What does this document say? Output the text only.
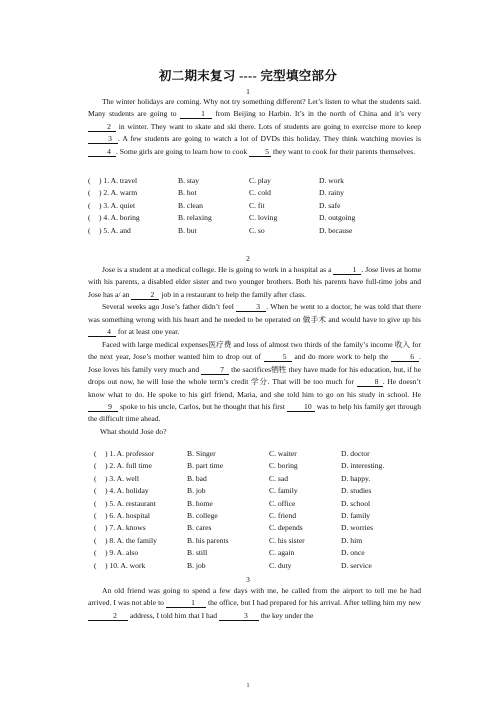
初二期末复习 ---- 完型填空部分
1

The winter holidays are coming. Why not try something different? Let’s listen to what the students said. Many students are going to	1 from Beijing to Harbin. It’s in the north of China and it’s very 2 in winter. They want to skate and ski there. Lots of students are going to exercise more to keep 3 . A few students are going to watch a lot of DVDs this holiday. They think watching movies is 4 . Some girls are going to learn how to cook 5 they want to cook for their parents themselves.

( ) 1. A. travel	B. stay	C. play	D. work
( ) 2. A. warm	B. hot	C. cold	D. rainy
( ) 3. A. quiet	B. clean	C. fit	D. safe
( ) 4. A. boring	B. relaxing	C. loving	D. outgoing
( ) 5. A. and	B. but	C. so	D. because
2

Jose is a student at a medical college. He is going to work in a hospital as a	1 . Jose lives at home with his parents, a disabled elder sister and two younger brothers. Both his parents have full-time jobs and Jose has a/ an	2 job in a restaurant to help the family after class.

Several weeks ago Jose’s father didn’t feel	3 . When he went to a doctor, he was told that there was something wrong with his heart and he needed to be operated on 做手术 and would have to give up his 4 for at least one year.

Faced with large medical expenses医疗费 and loss of almost two thirds of the family’s income 收入 for the next year, Jose’s mother wanted him to drop out of	5 and do more work to help the	6 . Jose loves his family very much and	7 the sacrifices牺牲 they have made for his education, but, if he drops out now, he will lose the whole term’s credit 学分. That will be too much for 8 . He doesn’t know what to do. He spoke to his girl friend, Maria, and she told him to go on his study in school. He 9 spoke to his uncle, Carlos, but he thought that his first 10 was to help his family get through the difficult time ahead.

What should Jose do?

( ) 1. A. professor	B. Singer	C. waiter	D. doctor
( ) 2. A. full time	B. part time	C. boring	D. interesting.
( ) 3. A. well	B. bad	C. sad	D. happy.
( ) 4. A. holiday	B. job	C. family	D. studies
( ) 5. A. restaurant	B. home	C. office	D. school
( ) 6. A. hospital	B. college	C. friend	D. family
( ) 7. A. knows	B. cares	C. depends	D. worries
( ) 8. A. the family	B. his parents	C. his sister	D. him
( ) 9. A. also	B. still	C. again	D. once
( ) 10. A. work	B. job	C. duty	D. service
3

An old friend was going to spend a few days with me, he called from the airport to tell me he had arrived. I was not able to	1 the office, but I had prepared for his arrival. After telling him my new 2 address, I told him that I had	3 the key under the

1
